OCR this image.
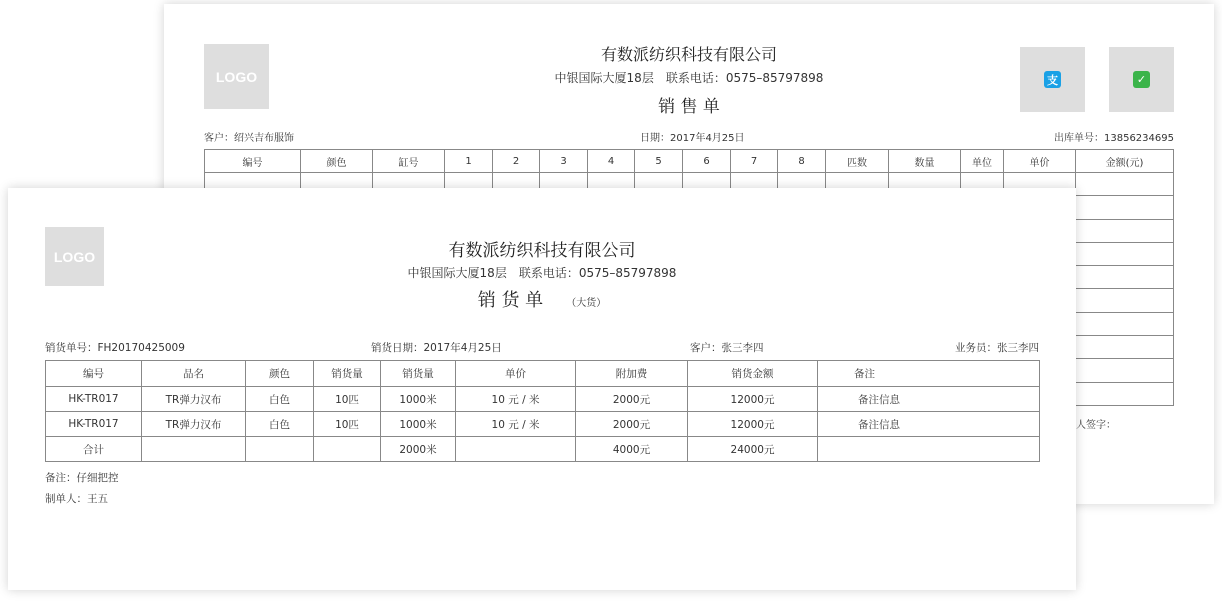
LOGO
有数派纺织科技有限公司
中银国际大厦18层　联系电话：0575–85797898
销 售 单
支	✓
客户：绍兴吉布服饰	日期：2017年4月25日	出库单号：13856234695
编号	颜色	缸号	1	2	3	4	5	6	7	8	匹数	数量	单位	单价	金额(元)

人签字：
LOGO	有数派纺织科技有限公司
中银国际大厦18层　联系电话：0575–85797898
销 货 单 （大货）
销货单号：FH20170425009	销货日期：2017年4月25日	客户：张三李四	业务员：张三李四
编号	品名	颜色	销货量	销货量	单价	附加费	销货金额	备注
HK-TR017	TR弹力汉布	白色	10匹	1000米	10 元 / 米	2000元	12000元	备注信息
HK-TR017	TR弹力汉布	白色	10匹	1000米	10 元 / 米	2000元	12000元	备注信息
合计				2000米		4000元	24000元	
备注：仔细把控
制单人：王五
